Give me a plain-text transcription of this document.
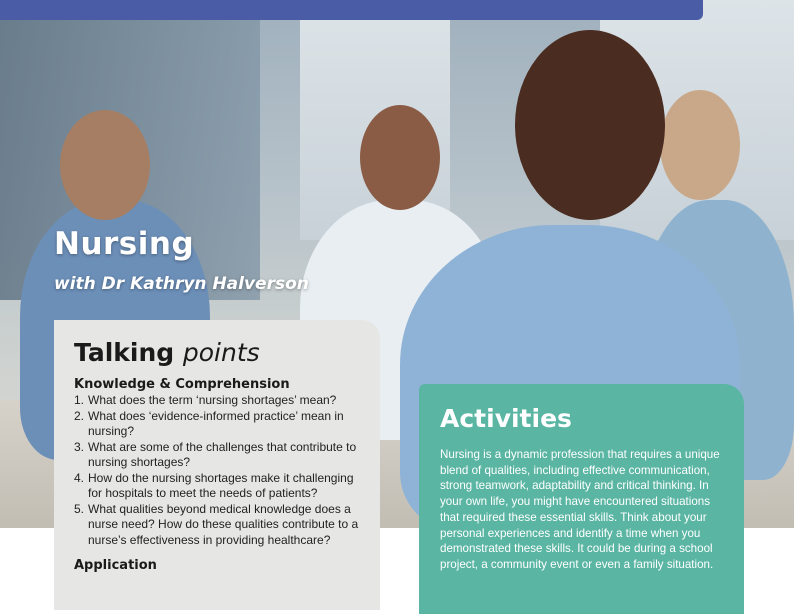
Nursing
with Dr Kathryn Halverson
Talking points
Knowledge & Comprehension
1. What does the term ‘nursing shortages’ mean?
2. What does ‘evidence-informed practice’ mean in nursing?
3. What are some of the challenges that contribute to nursing shortages?
4. How do the nursing shortages make it challenging for hospitals to meet the needs of patients?
5. What qualities beyond medical knowledge does a nurse need? How do these qualities contribute to a nurse’s effectiveness in providing healthcare?
Application
Activities

Nursing is a dynamic profession that requires a unique blend of qualities, including effective communication, strong teamwork, adaptability and critical thinking. In your own life, you might have encountered situations that required these essential skills. Think about your personal experiences and identify a time when you demonstrated these skills. It could be during a school project, a community event or even a family situation.
